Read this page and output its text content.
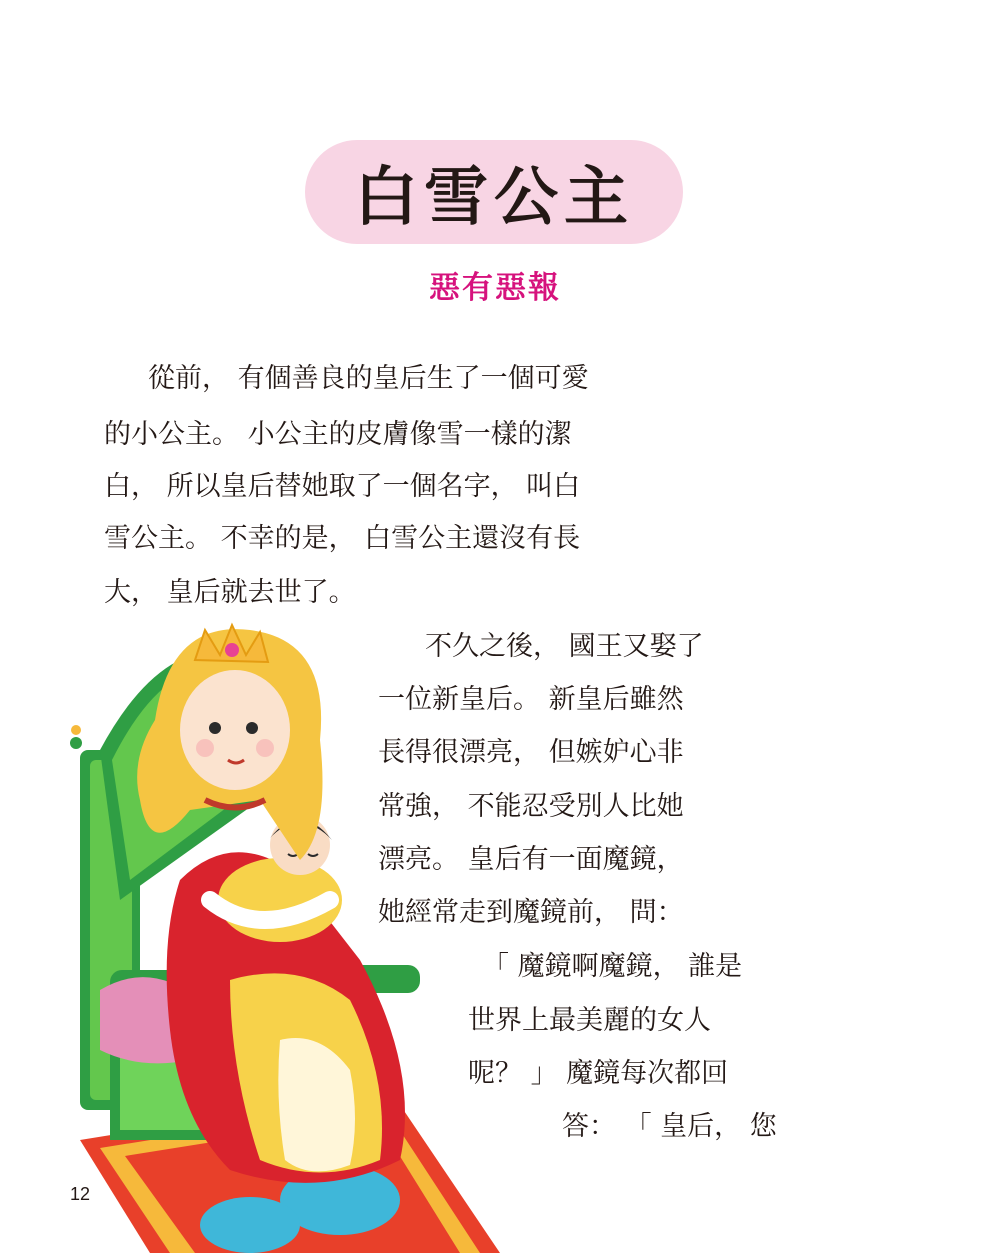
白雪公主
惡有惡報
從前， 有個善良的皇后生了一個可愛
的小公主。 小公主的皮膚像雪一樣的潔
白， 所以皇后替她取了一個名字， 叫白
雪公主。 不幸的是， 白雪公主還沒有長
大， 皇后就去世了。
不久之後， 國王又娶了
一位新皇后。 新皇后雖然
長得很漂亮， 但嫉妒心非
常強， 不能忍受別人比她
漂亮。 皇后有一面魔鏡，
她經常走到魔鏡前， 問：
「 魔鏡啊魔鏡， 誰是
世界上最美麗的女人
呢？ 」 魔鏡每次都回
答： 「 皇后， 您
12
